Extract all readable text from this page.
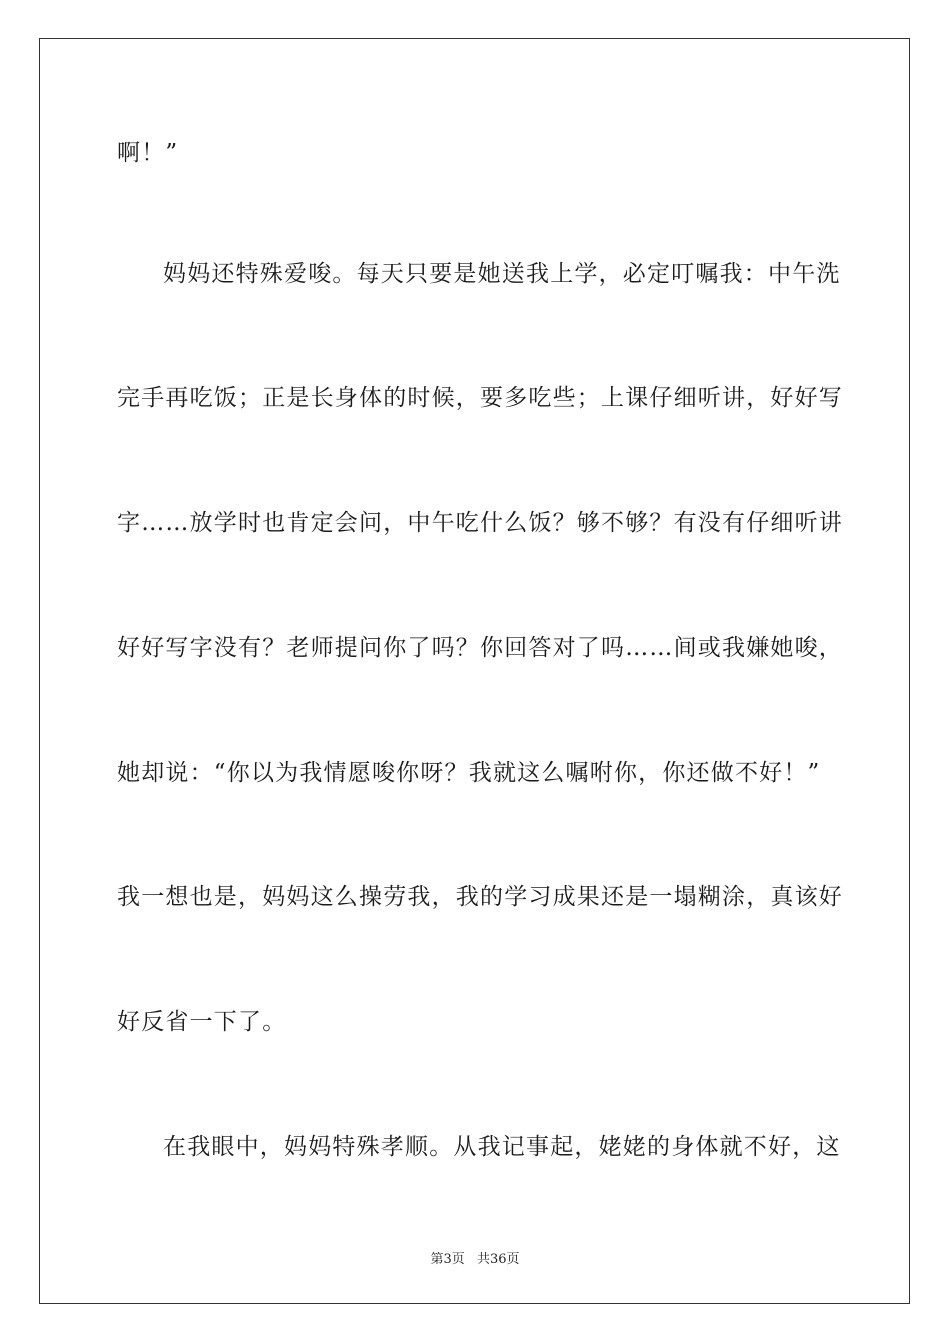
啊！”
妈妈还特殊爱唆。每天只要是她送我上学，必定叮嘱我：中午洗
完手再吃饭；正是长身体的时候，要多吃些；上课仔细听讲，好好写
字……放学时也肯定会问，中午吃什么饭？够不够？有没有仔细听讲
好好写字没有？老师提问你了吗？你回答对了吗……间或我嫌她唆，
她却说：“你以为我情愿唆你呀？我就这么嘱咐你，你还做不好！”
我一想也是，妈妈这么操劳我，我的学习成果还是一塌糊涂，真该好
好反省一下了。
在我眼中，妈妈特殊孝顺。从我记事起，姥姥的身体就不好，这
第3页 共36页
